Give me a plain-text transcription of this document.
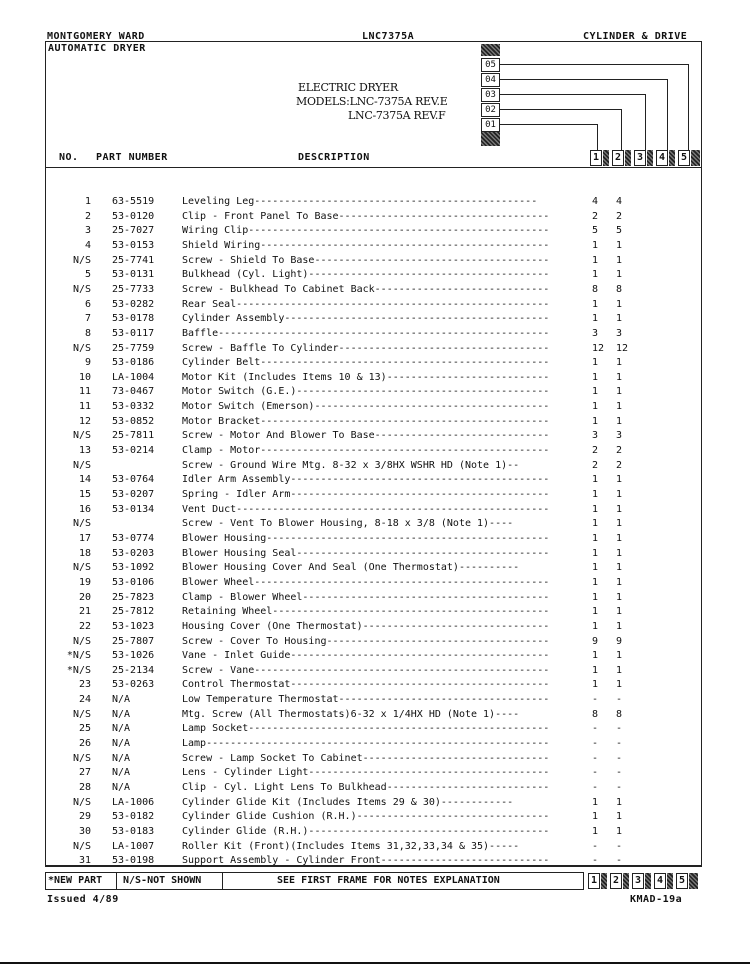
MONTGOMERY WARD	LNC7375A	CYLINDER & DRIVE
AUTOMATIC DRYER
ELECTRIC DRYER
MODELS:LNC-7375A REV.E
LNC-7375A REV.F
05
04
03
02
01
NO. PART NUMBER	DESCRIPTION	1 2 3 4 5
1 63-5519	Leveling Leg-----------------------------------------------	4 4
2 53-0120	Clip - Front Panel To Base-----------------------------------	2 2
3 25-7027	Wiring Clip--------------------------------------------------	5 5
4 53-0153	Shield Wiring------------------------------------------------	1 1
N/S 25-7741	Screw - Shield To Base---------------------------------------	1 1
5 53-0131	Bulkhead (Cyl. Light)----------------------------------------	1 1
N/S 25-7733	Screw - Bulkhead To Cabinet Back-----------------------------	8 8
6 53-0282	Rear Seal----------------------------------------------------	1 1
7 53-0178	Cylinder Assembly--------------------------------------------	1 1
8 53-0117	Baffle-------------------------------------------------------	3 3
N/S 25-7759	Screw - Baffle To Cylinder-----------------------------------	12 12
9 53-0186	Cylinder Belt------------------------------------------------	1 1
10 LA-1004	Motor Kit (Includes Items 10 & 13)---------------------------	1 1
11 73-0467	Motor Switch (G.E.)------------------------------------------	1 1
11 53-0332	Motor Switch (Emerson)---------------------------------------	1 1
12 53-0852	Motor Bracket------------------------------------------------	1 1
N/S 25-7811	Screw - Motor And Blower To Base-----------------------------	3 3
13 53-0214	Clamp - Motor------------------------------------------------	2 2
N/S	Screw - Ground Wire Mtg. 8-32 x 3/8HX WSHR HD (Note 1)--	2 2
14 53-0764	Idler Arm Assembly-------------------------------------------	1 1
15 53-0207	Spring - Idler Arm-------------------------------------------	1 1
16 53-0134	Vent Duct----------------------------------------------------	1 1
N/S	Screw - Vent To Blower Housing, 8-18 x 3/8 (Note 1)----	1 1
17 53-0774	Blower Housing-----------------------------------------------	1 1
18 53-0203	Blower Housing Seal------------------------------------------	1 1
N/S 53-1092	Blower Housing Cover And Seal (One Thermostat)----------	1 1
19 53-0106	Blower Wheel-------------------------------------------------	1 1
20 25-7823	Clamp - Blower Wheel-----------------------------------------	1 1
21 25-7812	Retaining Wheel----------------------------------------------	1 1
22 53-1023	Housing Cover (One Thermostat)-------------------------------	1 1
N/S 25-7807	Screw - Cover To Housing-------------------------------------	9 9
*N/S 53-1026	Vane - Inlet Guide-------------------------------------------	1 1
*N/S 25-2134	Screw - Vane-------------------------------------------------	1 1
23 53-0263	Control Thermostat-------------------------------------------	1 1
24 N/A	Low Temperature Thermostat-----------------------------------	- -
N/S N/A	Mtg. Screw (All Thermostats)6-32 x 1/4HX HD (Note 1)----	8 8
25 N/A	Lamp Socket--------------------------------------------------	- -
26 N/A	Lamp---------------------------------------------------------	- -
N/S N/A	Screw - Lamp Socket To Cabinet-------------------------------	- -
27 N/A	Lens - Cylinder Light----------------------------------------	- -
28 N/A	Clip - Cyl. Light Lens To Bulkhead---------------------------	- -
N/S LA-1006	Cylinder Glide Kit (Includes Items 29 & 30)------------	1 1
29 53-0182	Cylinder Glide Cushion (R.H.)--------------------------------	1 1
30 53-0183	Cylinder Glide (R.H.)----------------------------------------	1 1
N/S LA-1007	Roller Kit (Front)(Includes Items 31,32,33,34 & 35)-----	- -
31 53-0198	Support Assembly - Cylinder Front----------------------------	- -
*NEW PART	N/S-NOT SHOWN	SEE FIRST FRAME FOR NOTES EXPLANATION	1 2 3 4 5
Issued 4/89	KMAD-19a
